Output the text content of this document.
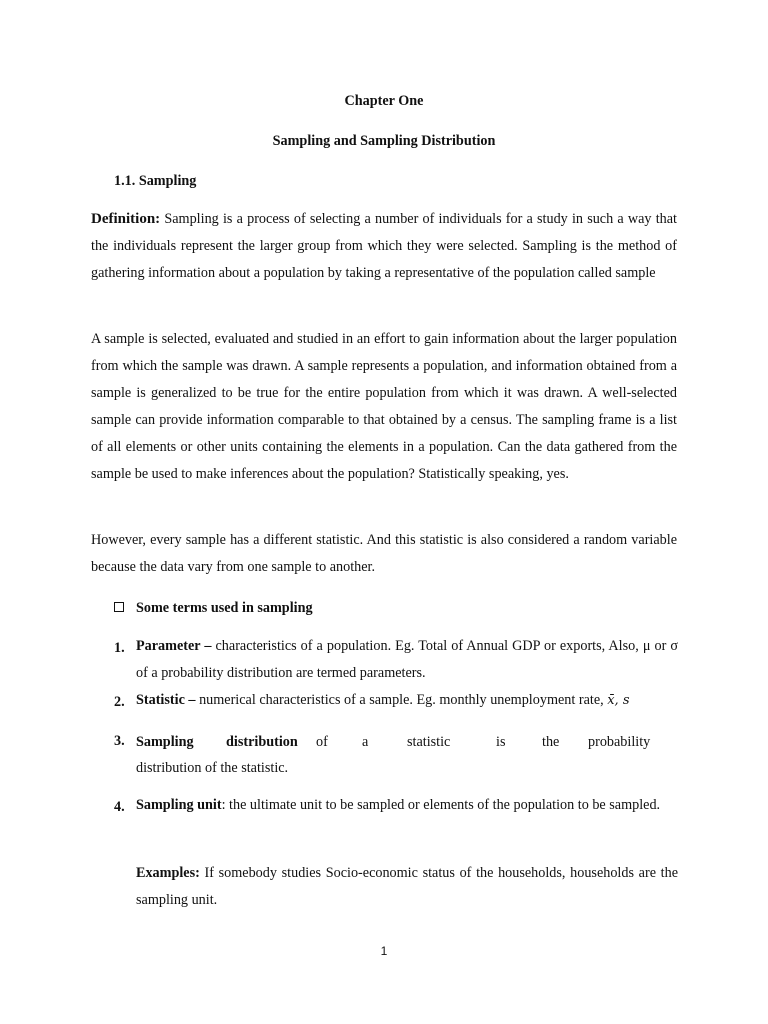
Chapter One
Sampling and Sampling Distribution
1.1. Sampling
Definition: Sampling is a process of selecting a number of individuals for a study in such a way that the individuals represent the larger group from which they were selected. Sampling is the method of gathering information about a population by taking a representative of the population called sample
A sample is selected, evaluated and studied in an effort to gain information about the larger population from which the sample was drawn. A sample represents a population, and information obtained from a sample is generalized to be true for the entire population from which it was drawn. A well-selected sample can provide information comparable to that obtained by a census. The sampling frame is a list of all elements or other units containing the elements in a population. Can the data gathered from the sample be used to make inferences about the population? Statistically speaking, yes.
However, every sample has a different statistic. And this statistic is also considered a random variable because the data vary from one sample to another.
Some terms used in sampling
1. Parameter – characteristics of a population. Eg. Total of Annual GDP or exports, Also, μ or σ of a probability distribution are termed parameters.
2. Statistic – numerical characteristics of a sample. Eg. monthly unemployment rate, x̄, s
3. Sampling distribution of a	statistic	is	the probability
distribution of the statistic.
4. Sampling unit: the ultimate unit to be sampled or elements of the population to be sampled.
Examples: If somebody studies Socio-economic status of the households, households are the sampling unit.
1
